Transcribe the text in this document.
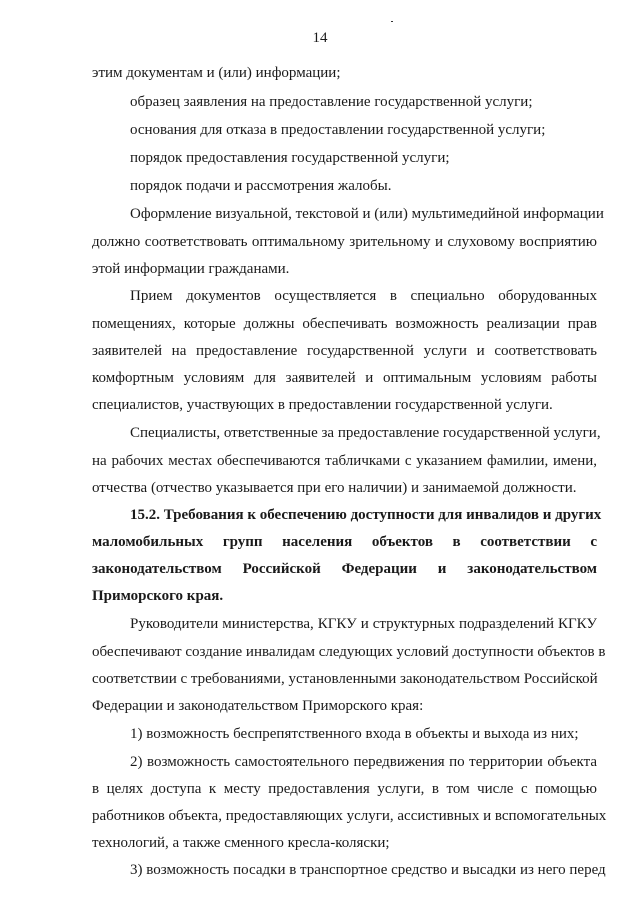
14
этим документам и (или) информации;
образец заявления на предоставление государственной услуги;
основания для отказа в предоставлении государственной услуги;
порядок предоставления государственной услуги;
порядок подачи и рассмотрения жалобы.
Оформление визуальной, текстовой и (или) мультимедийной информации
должно соответствовать оптимальному зрительному и слуховому восприятию
этой информации гражданами.
Прием документов осуществляется в специально оборудованных
помещениях, которые должны обеспечивать возможность реализации прав
заявителей на предоставление государственной услуги и соответствовать
комфортным условиям для заявителей и оптимальным условиям работы
специалистов, участвующих в предоставлении государственной услуги.
Специалисты, ответственные за предоставление государственной услуги,
на рабочих местах обеспечиваются табличками с указанием фамилии, имени,
отчества (отчество указывается при его наличии) и занимаемой должности.
15.2. Требования к обеспечению доступности для инвалидов и других
маломобильных групп населения объектов в соответствии с
законодательством Российской Федерации и законодательством
Приморского края.
Руководители министерства, КГКУ и структурных подразделений КГКУ
обеспечивают создание инвалидам следующих условий доступности объектов в
соответствии с требованиями, установленными законодательством Российской
Федерации и законодательством Приморского края:
1) возможность беспрепятственного входа в объекты и выхода из них;
2) возможность самостоятельного передвижения по территории объекта
в целях доступа к месту предоставления услуги, в том числе с помощью
работников объекта, предоставляющих услуги, ассистивных и вспомогательных
технологий, а также сменного кресла-коляски;
3) возможность посадки в транспортное средство и высадки из него перед
